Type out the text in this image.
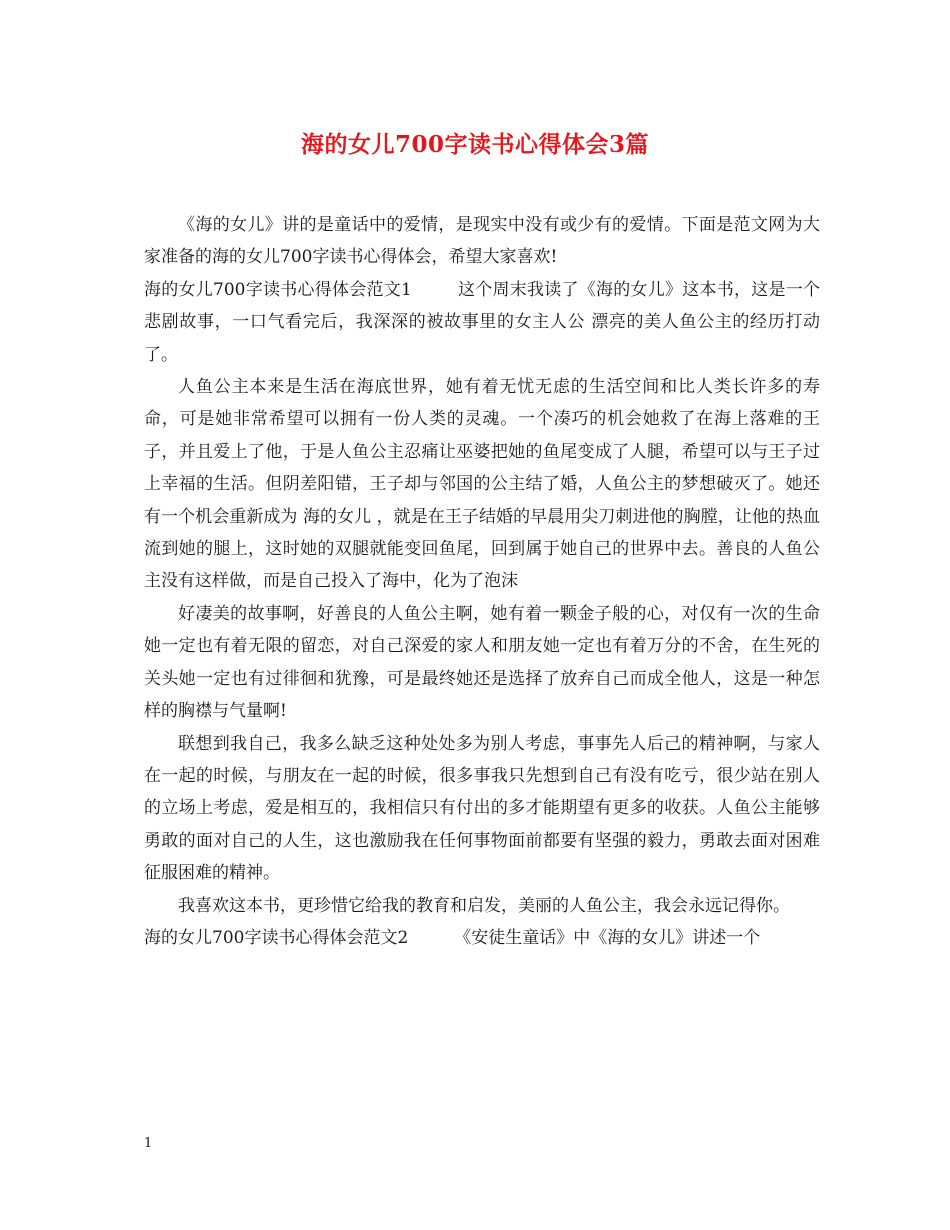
海的女儿700字读书心得体会3篇

《海的女儿》讲的是童话中的爱情，是现实中没有或少有的爱情。下面是范文网为大家准备的海的女儿700字读书心得体会，希望大家喜欢!

海的女儿700字读书心得体会范文1	这个周末我读了《海的女儿》这本书，这是一个悲剧故事，一口气看完后，我深深的被故事里的女主人公 漂亮的美人鱼公主的经历打动了。

人鱼公主本来是生活在海底世界，她有着无忧无虑的生活空间和比人类长许多的寿命，可是她非常希望可以拥有一份人类的灵魂。一个凑巧的机会她救了在海上落难的王子，并且爱上了他，于是人鱼公主忍痛让巫婆把她的鱼尾变成了人腿，希望可以与王子过上幸福的生活。但阴差阳错，王子却与邻国的公主结了婚，人鱼公主的梦想破灭了。她还有一个机会重新成为 海的女儿 ，就是在王子结婚的早晨用尖刀刺进他的胸膛，让他的热血流到她的腿上，这时她的双腿就能变回鱼尾，回到属于她自己的世界中去。善良的人鱼公主没有这样做，而是自己投入了海中，化为了泡沫

好凄美的故事啊，好善良的人鱼公主啊，她有着一颗金子般的心，对仅有一次的生命她一定也有着无限的留恋，对自己深爱的家人和朋友她一定也有着万分的不舍，在生死的关头她一定也有过徘徊和犹豫，可是最终她还是选择了放弃自己而成全他人，这是一种怎样的胸襟与气量啊!

联想到我自己，我多么缺乏这种处处多为别人考虑，事事先人后己的精神啊，与家人在一起的时候，与朋友在一起的时候，很多事我只先想到自己有没有吃亏，很少站在别人的立场上考虑，爱是相互的，我相信只有付出的多才能期望有更多的收获。人鱼公主能够勇敢的面对自己的人生，这也激励我在任何事物面前都要有坚强的毅力，勇敢去面对困难征服困难的精神。

我喜欢这本书，更珍惜它给我的教育和启发，美丽的人鱼公主，我会永远记得你。

海的女儿700字读书心得体会范文2	《安徒生童话》中《海的女儿》讲述一个

1
